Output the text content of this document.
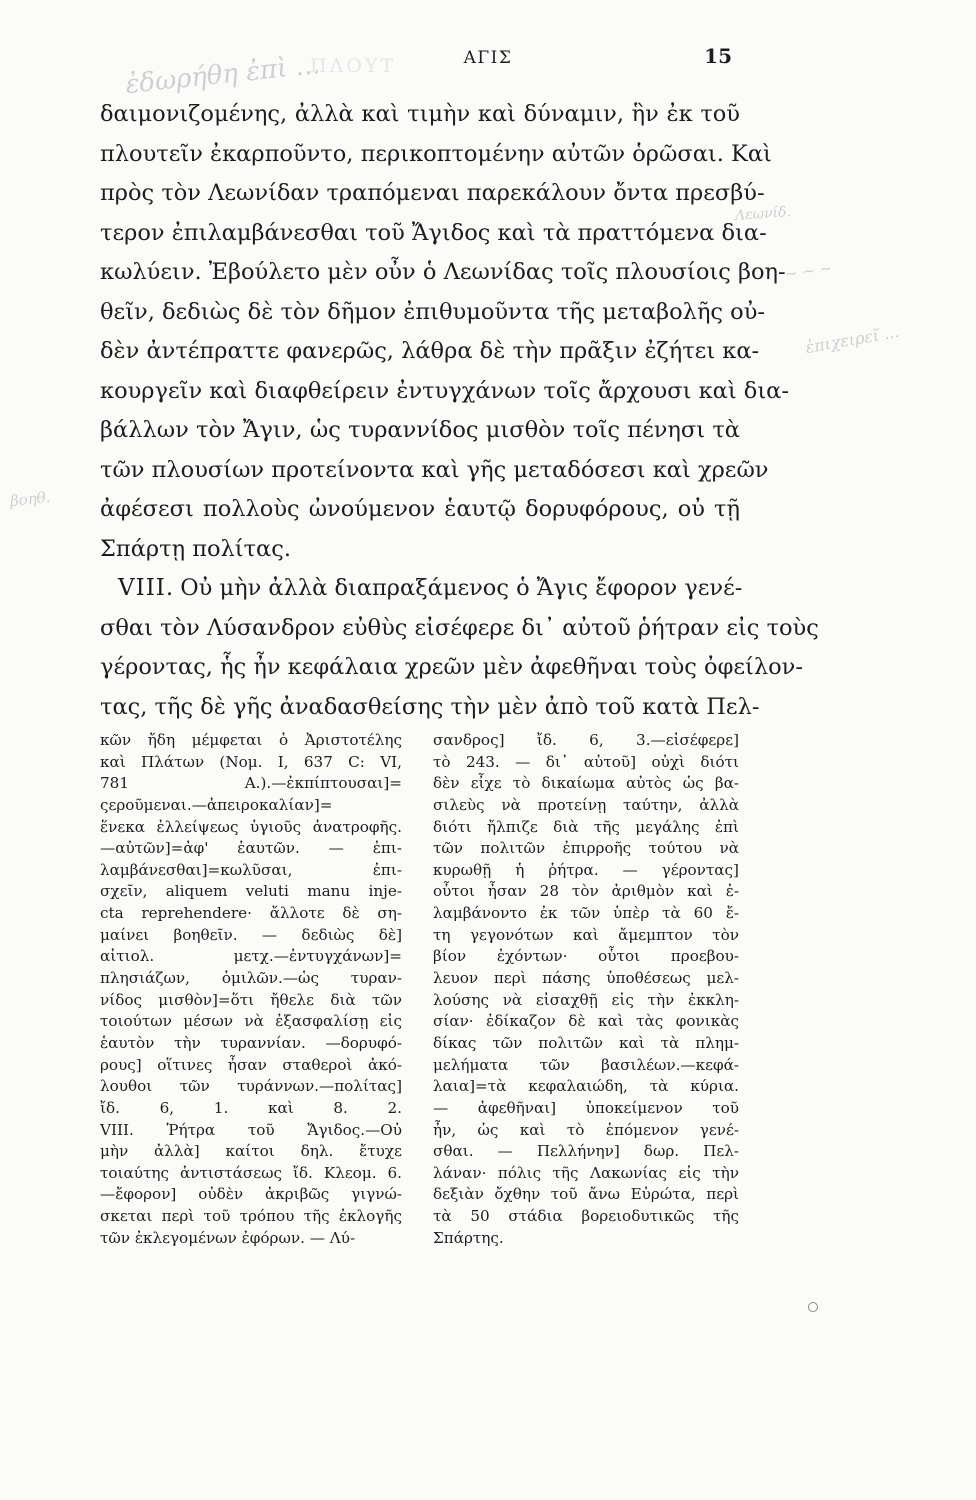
ἐδωρήθη ἐπὶ ...
Λεωνίδ.
~ ~ ~
ἐπιχειρεῖ ...
βοηθ.
ΠΛΟΥΤ	ΑΓΙΣ	15
δαιμονιζομένης, ἀλλὰ καὶ τιμὴν καὶ δύναμιν, ἣν ἐκ τοῦ
πλουτεῖν ἐκαρποῦντο, περικοπτομένην αὐτῶν ὁρῶσαι. Καὶ
πρὸς τὸν Λεωνίδαν τραπόμεναι παρεκάλουν ὄντα πρεσβύ-
τερον ἐπιλαμβάνεσθαι τοῦ Ἄγιδος καὶ τὰ πραττόμενα δια-
κωλύειν. Ἐβούλετο μὲν οὖν ὁ Λεωνίδας τοῖς πλουσίοις βοη-
θεῖν, δεδιὼς δὲ τὸν δῆμον ἐπιθυμοῦντα τῆς μεταβολῆς οὐ-
δὲν ἀντέπραττε φανερῶς, λάθρα δὲ τὴν πρᾶξιν ἐζήτει κα-
κουργεῖν καὶ διαφθείρειν ἐντυγχάνων τοῖς ἄρχουσι καὶ δια-
βάλλων τὸν Ἄγιν, ὡς τυραννίδος μισθὸν τοῖς πένησι τὰ
τῶν πλουσίων προτείνοντα καὶ γῆς μεταδόσεσι καὶ χρεῶν
ἀφέσεσι πολλοὺς ὠνούμενον ἑαυτῷ δορυφόρους, οὐ τῇ
Σπάρτῃ πολίτας.
VIII. Οὐ μὴν ἀλλὰ διαπραξάμενος ὁ Ἄγις ἔφορον γενέ-
σθαι τὸν Λύσανδρον εὐθὺς εἰσέφερε δι᾽ αὐτοῦ ῥήτραν εἰς τοὺς
γέροντας, ἧς ἦν κεφάλαια χρεῶν μὲν ἀφεθῆναι τοὺς ὀφείλον-
τας, τῆς δὲ γῆς ἀναδασθείσης τὴν μὲν ἀπὸ τοῦ κατὰ Πελ-
κῶν ἤδη μέμφεται ὁ Ἀριστοτέλης
καὶ Πλάτων (Νομ. I, 637 C: VI,
781 A.).—ἐκπίπτουσαι]=
ςεροῦμεναι.—ἀπειροκαλίαν]=
ἕνεκα ἐλλείψεως ὑγιοῦς ἀνατροφῆς.
—αὐτῶν]=ἀφ' ἑαυτῶν. — ἐπι-
λαμβάνεσθαι]=κωλῦσαι, ἐπι-
σχεῖν, aliquem veluti manu inje-
cta reprehendere· ἄλλοτε δὲ ση-
μαίνει βοηθεῖν. — δεδιὼς δὲ]
αἰτιολ. μετχ.—ἐντυγχάνων]=
πλησιάζων, ὁμιλῶν.—ὡς τυραν-
νίδος μισθὸν]=ὅτι ἤθελε διὰ τῶν
τοιούτων μέσων νὰ ἐξασφαλίσῃ εἰς
ἑαυτὸν τὴν τυραννίαν. —δορυφό-
ρους] οἵτινες ἦσαν σταθεροὶ ἀκό-
λουθοι τῶν τυράννων.—πολίτας]
ἴδ. 6, 1. καὶ 8. 2.
VIII. Ῥήτρα τοῦ Ἄγιδος.—Οὐ
μὴν ἀλλὰ] καίτοι δηλ. ἔτυχε
τοιαύτης ἀντιστάσεως ἴδ. Κλεομ. 6.
—ἔφορον] οὐδὲν ἀκριβῶς γιγνώ-
σκεται περὶ τοῦ τρόπου τῆς ἐκλογῆς
τῶν ἐκλεγομένων ἐφόρων. — Λύ-
σανδρος] ἴδ. 6, 3.—εἰσέφερε]
τὸ 243. — δι᾽ αὐτοῦ] οὐχὶ διότι
δὲν εἶχε τὸ δικαίωμα αὐτὸς ὡς βα-
σιλεὺς νὰ προτείνῃ ταύτην, ἀλλὰ
διότι ἤλπιζε διὰ τῆς μεγάλης ἐπὶ
τῶν πολιτῶν ἐπιρροῆς τούτου νὰ
κυρωθῇ ἡ ῥήτρα. — γέροντας]
οὗτοι ἦσαν 28 τὸν ἀριθμὸν καὶ ἐ-
λαμβάνοντο ἐκ τῶν ὑπὲρ τὰ 60 ἔ-
τη γεγονότων καὶ ἄμεμπτον τὸν
βίον ἐχόντων· οὗτοι προεβου-
λευον περὶ πάσης ὑποθέσεως μελ-
λούσης νὰ εἰσαχθῇ εἰς τὴν ἐκκλη-
σίαν· ἐδίκαζον δὲ καὶ τὰς φονικὰς
δίκας τῶν πολιτῶν καὶ τὰ πλημ-
μελήματα τῶν βασιλέων.—κεφά-
λαια]=τὰ κεφαλαιώδη, τὰ κύρια.
— ἀφεθῆναι] ὑποκείμενον τοῦ
ἦν, ὡς καὶ τὸ ἑπόμενον γενέ-
σθαι. — Πελλήνην] δωρ. Πελ-
λάναν· πόλις τῆς Λακωνίας εἰς τὴν
δεξιὰν ὄχθην τοῦ ἄνω Εὐρώτα, περὶ
τὰ 50 στάδια βορειοδυτικῶς τῆς
Σπάρτης.
